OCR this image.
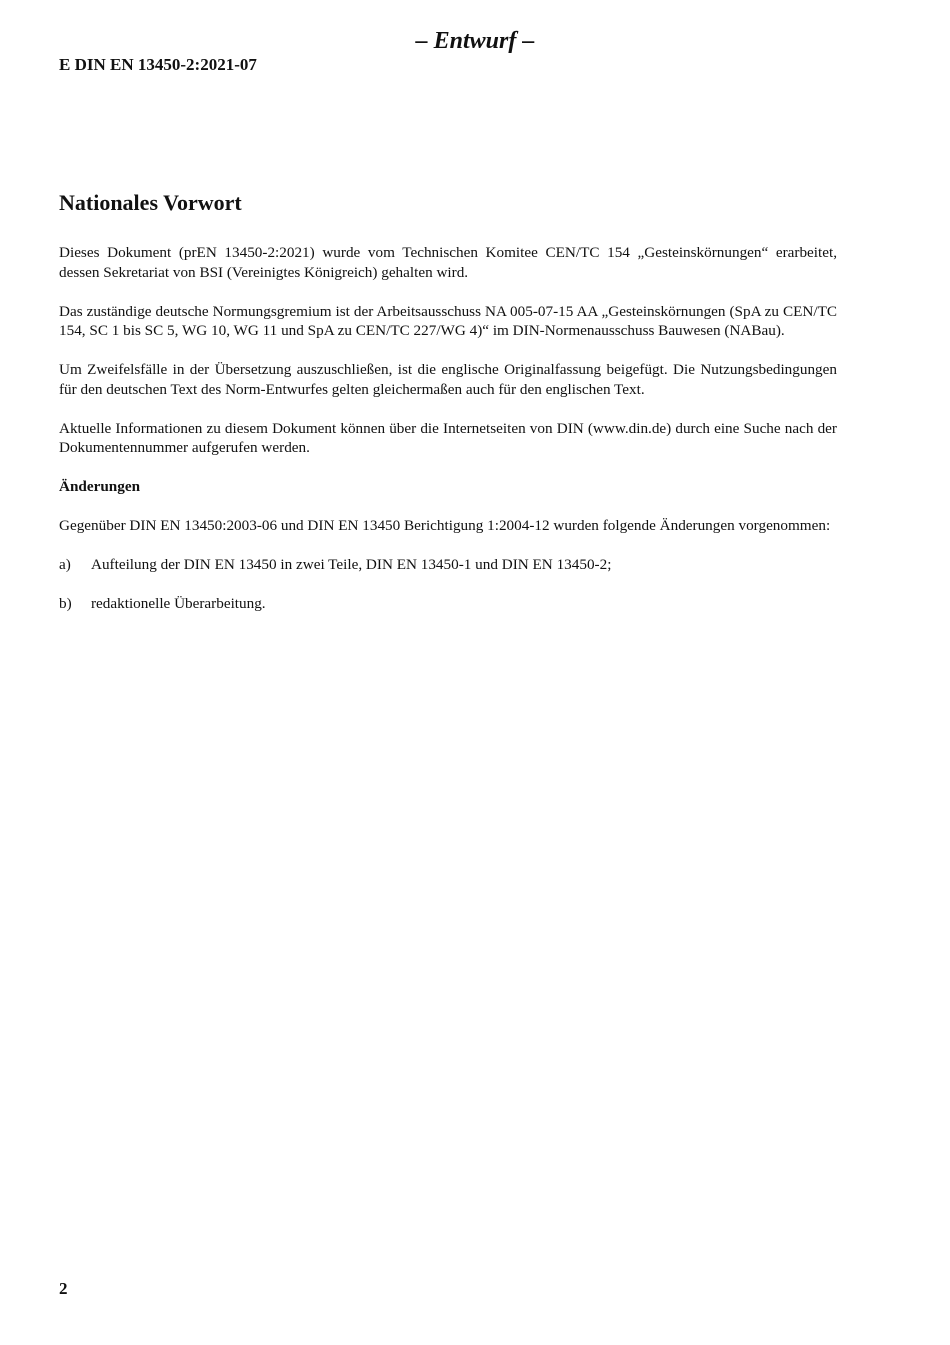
– Entwurf –
E DIN EN 13450-2:2021-07
Nationales Vorwort

Dieses Dokument (prEN 13450-2:2021) wurde vom Technischen Komitee CEN/TC 154 „Gesteinskörnungen“ erarbeitet, dessen Sekretariat von BSI (Vereinigtes Königreich) gehalten wird.

Das zuständige deutsche Normungsgremium ist der Arbeitsausschuss NA 005-07-15 AA „Gesteinskörnungen (SpA zu CEN/TC 154, SC 1 bis SC 5, WG 10, WG 11 und SpA zu CEN/TC 227/WG 4)“ im DIN-Normenausschuss Bauwesen (NABau).

Um Zweifelsfälle in der Übersetzung auszuschließen, ist die englische Originalfassung beigefügt. Die Nutzungsbedingungen für den deutschen Text des Norm-Entwurfes gelten gleichermaßen auch für den englischen Text.

Aktuelle Informationen zu diesem Dokument können über die Internetseiten von DIN (www.din.de) durch eine Suche nach der Dokumentennummer aufgerufen werden.

Änderungen

Gegenüber DIN EN 13450:2003-06 und DIN EN 13450 Berichtigung 1:2004-12 wurden folgende Änderungen vorgenommen:

a)	Aufteilung der DIN EN 13450 in zwei Teile, DIN EN 13450-1 und DIN EN 13450-2;
b)	redaktionelle Überarbeitung.
2
